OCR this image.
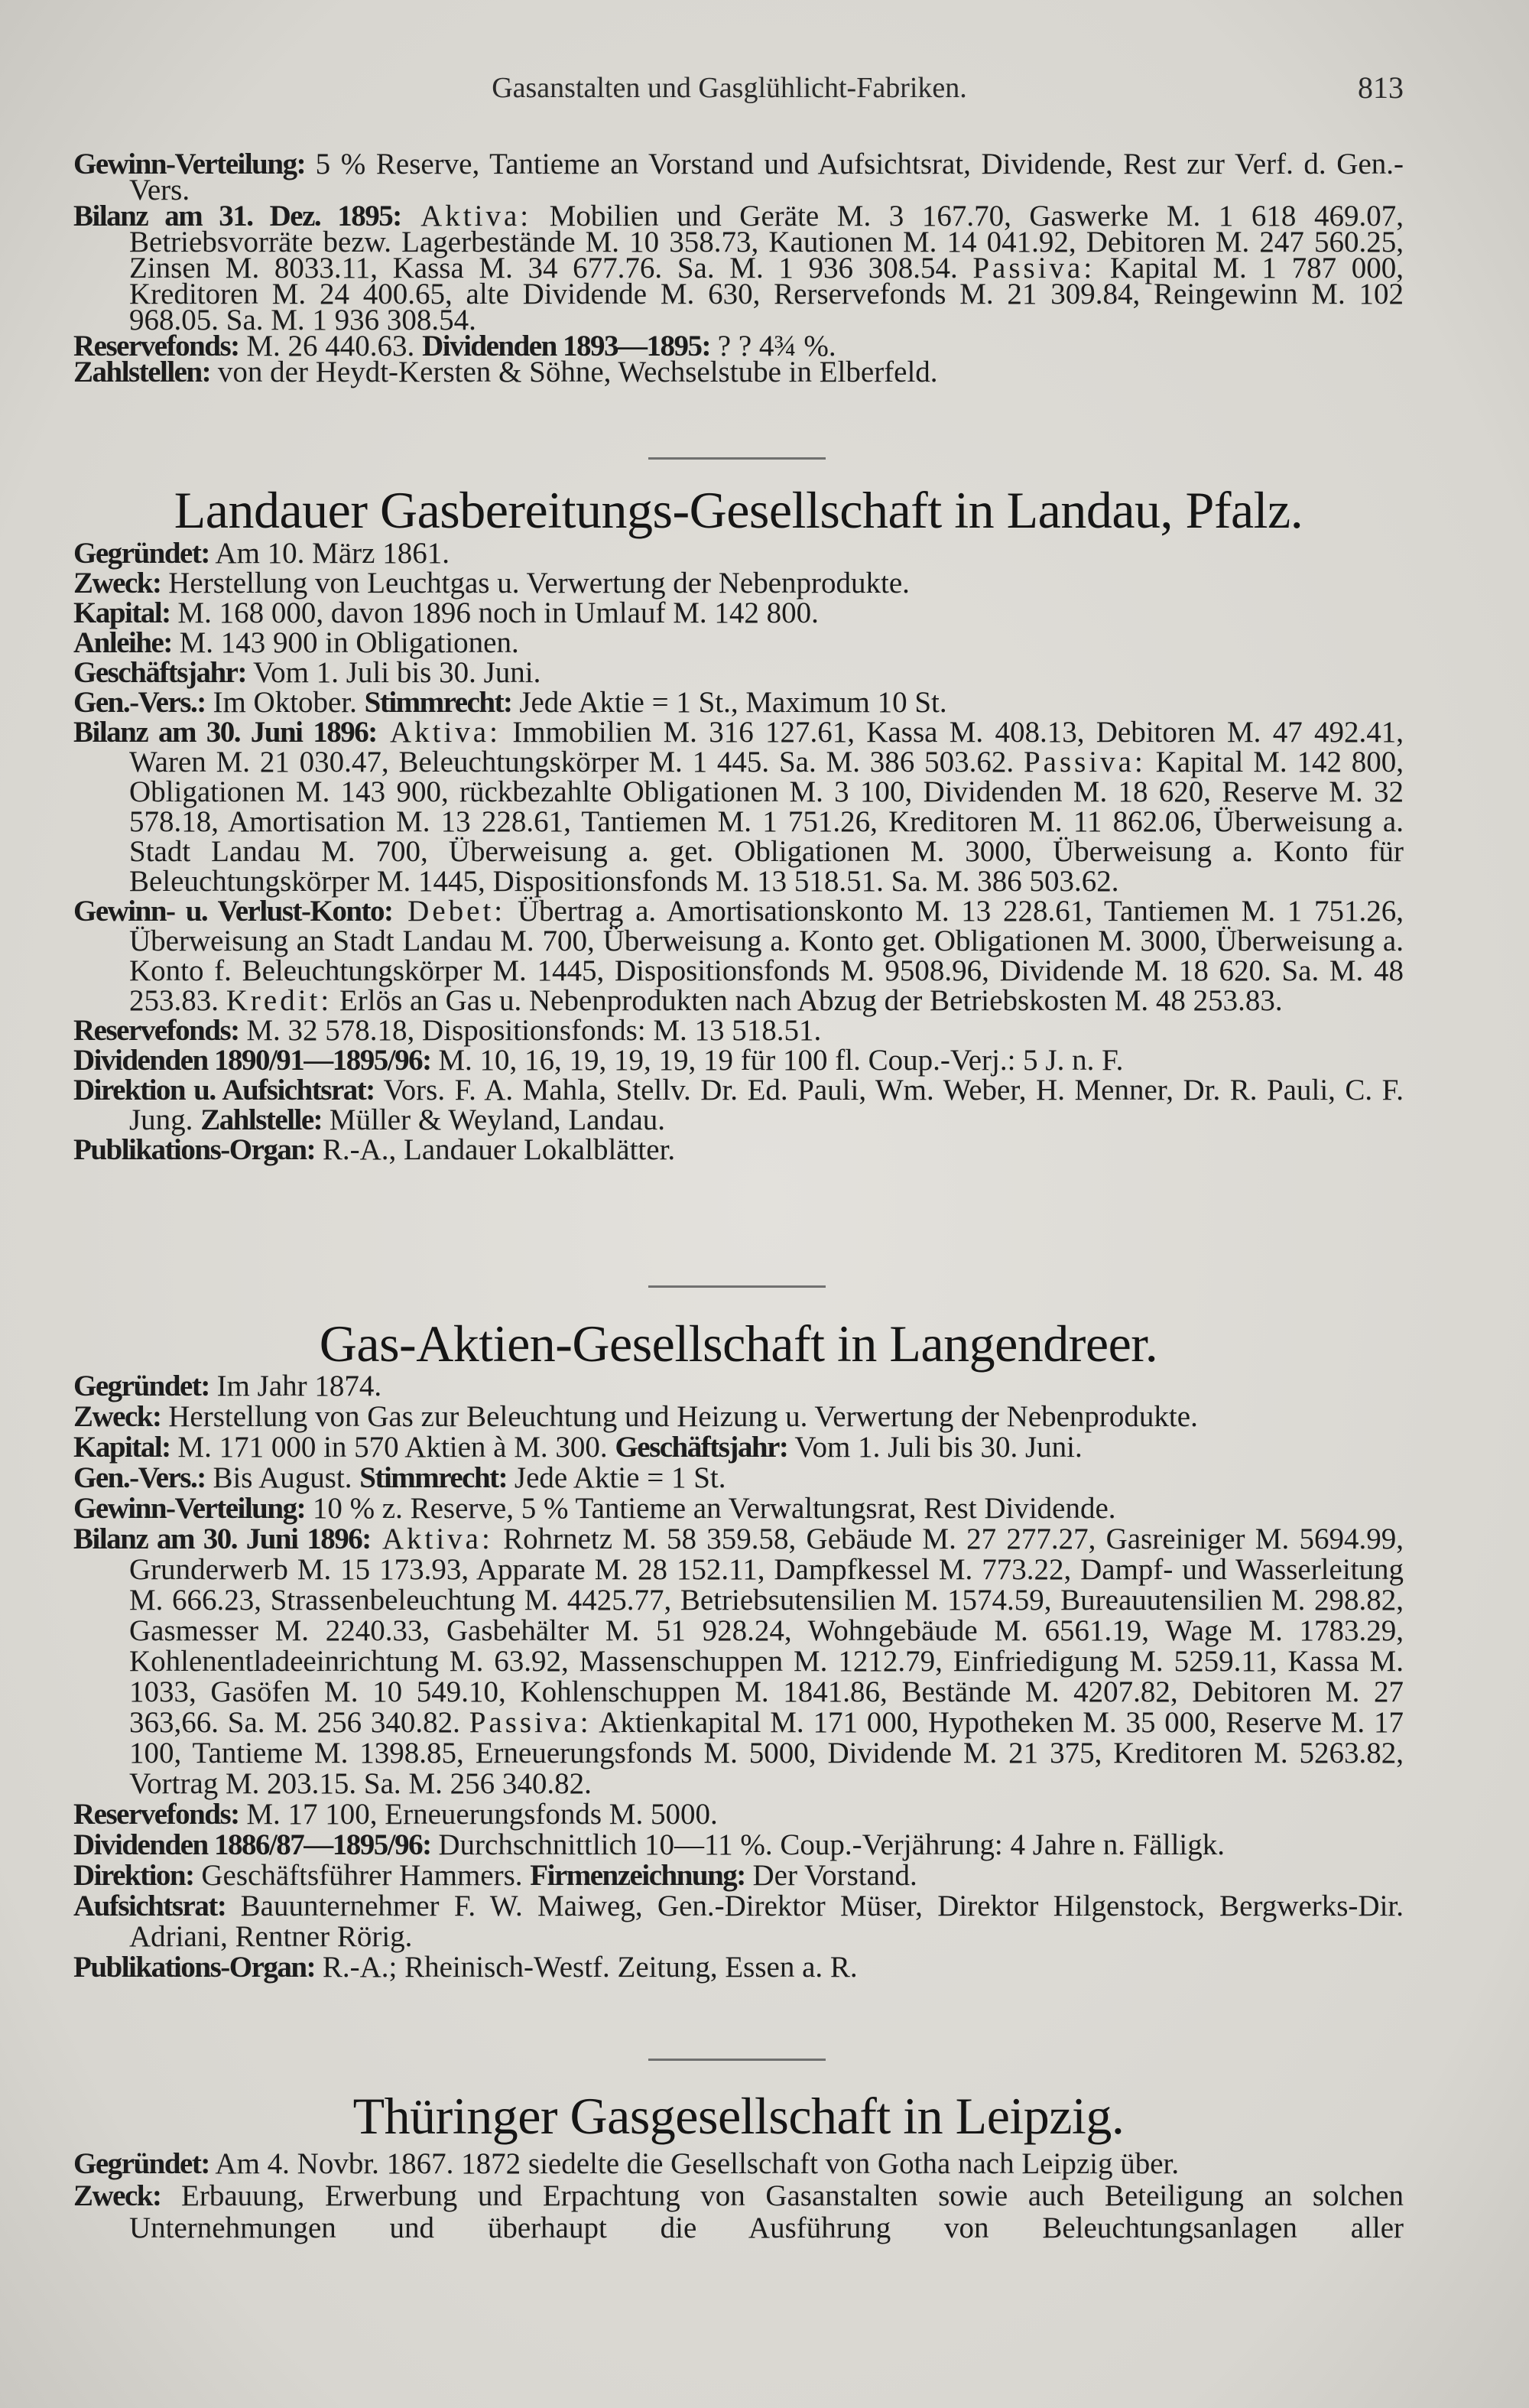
Gasanstalten und Gasglühlicht-Fabriken.	813

Gewinn-Verteilung: 5 % Reserve, Tantieme an Vorstand und Aufsichtsrat, Dividende, Rest zur Verf. d. Gen.-Vers.

Bilanz am 31. Dez. 1895: Aktiva: Mobilien und Geräte M. 3 167.70, Gaswerke M. 1 618 469.07, Betriebsvorräte bezw. Lagerbestände M. 10 358.73, Kautionen M. 14 041.92, Debitoren M. 247 560.25, Zinsen M. 8033.11, Kassa M. 34 677.76. Sa. M. 1 936 308.54. Passiva: Kapital M. 1 787 000, Kreditoren M. 24 400.65, alte Dividende M. 630, Rerservefonds M. 21 309.84, Reingewinn M. 102 968.05. Sa. M. 1 936 308.54.

Reservefonds: M. 26 440.63. Dividenden 1893—1895: ? ? 4¾ %.

Zahlstellen: von der Heydt-Kersten & Söhne, Wechselstube in Elberfeld.

Landauer Gasbereitungs-Gesellschaft in Landau, Pfalz.

Gegründet: Am 10. März 1861.

Zweck: Herstellung von Leuchtgas u. Verwertung der Nebenprodukte.

Kapital: M. 168 000, davon 1896 noch in Umlauf M. 142 800.

Anleihe: M. 143 900 in Obligationen.

Geschäftsjahr: Vom 1. Juli bis 30. Juni.

Gen.-Vers.: Im Oktober. Stimmrecht: Jede Aktie = 1 St., Maximum 10 St.

Bilanz am 30. Juni 1896: Aktiva: Immobilien M. 316 127.61, Kassa M. 408.13, Debitoren M. 47 492.41, Waren M. 21 030.47, Beleuchtungskörper M. 1 445. Sa. M. 386 503.62. Passiva: Kapital M. 142 800, Obligationen M. 143 900, rückbezahlte Obligationen M. 3 100, Dividenden M. 18 620, Reserve M. 32 578.18, Amortisation M. 13 228.61, Tantiemen M. 1 751.26, Kreditoren M. 11 862.06, Überweisung a. Stadt Landau M. 700, Überweisung a. get. Obligationen M. 3000, Überweisung a. Konto für Beleuchtungskörper M. 1445, Dispositionsfonds M. 13 518.51. Sa. M. 386 503.62.

Gewinn- u. Verlust-Konto: Debet: Übertrag a. Amortisationskonto M. 13 228.61, Tantiemen M. 1 751.26, Überweisung an Stadt Landau M. 700, Überweisung a. Konto get. Obligationen M. 3000, Überweisung a. Konto f. Beleuchtungskörper M. 1445, Dispositionsfonds M. 9508.96, Dividende M. 18 620. Sa. M. 48 253.83. Kredit: Erlös an Gas u. Nebenprodukten nach Abzug der Betriebskosten M. 48 253.83.

Reservefonds: M. 32 578.18, Dispositionsfonds: M. 13 518.51.

Dividenden 1890/91—1895/96: M. 10, 16, 19, 19, 19, 19 für 100 fl. Coup.-Verj.: 5 J. n. F.

Direktion u. Aufsichtsrat: Vors. F. A. Mahla, Stellv. Dr. Ed. Pauli, Wm. Weber, H. Menner, Dr. R. Pauli, C. F. Jung. Zahlstelle: Müller & Weyland, Landau.

Publikations-Organ: R.-A., Landauer Lokalblätter.

Gas-Aktien-Gesellschaft in Langendreer.

Gegründet: Im Jahr 1874.

Zweck: Herstellung von Gas zur Beleuchtung und Heizung u. Verwertung der Nebenprodukte.

Kapital: M. 171 000 in 570 Aktien à M. 300. Geschäftsjahr: Vom 1. Juli bis 30. Juni.

Gen.-Vers.: Bis August. Stimmrecht: Jede Aktie = 1 St.

Gewinn-Verteilung: 10 % z. Reserve, 5 % Tantieme an Verwaltungsrat, Rest Dividende.

Bilanz am 30. Juni 1896: Aktiva: Rohrnetz M. 58 359.58, Gebäude M. 27 277.27, Gasreiniger M. 5694.99, Grunderwerb M. 15 173.93, Apparate M. 28 152.11, Dampfkessel M. 773.22, Dampf- und Wasserleitung M. 666.23, Strassenbeleuchtung M. 4425.77, Betriebsutensilien M. 1574.59, Bureauutensilien M. 298.82, Gasmesser M. 2240.33, Gasbehälter M. 51 928.24, Wohngebäude M. 6561.19, Wage M. 1783.29, Kohlenentladeeinrichtung M. 63.92, Massenschuppen M. 1212.79, Einfriedigung M. 5259.11, Kassa M. 1033, Gasöfen M. 10 549.10, Kohlenschuppen M. 1841.86, Bestände M. 4207.82, Debitoren M. 27 363,66. Sa. M. 256 340.82. Passiva: Aktienkapital M. 171 000, Hypotheken M. 35 000, Reserve M. 17 100, Tantieme M. 1398.85, Erneuerungsfonds M. 5000, Dividende M. 21 375, Kreditoren M. 5263.82, Vortrag M. 203.15. Sa. M. 256 340.82.

Reservefonds: M. 17 100, Erneuerungsfonds M. 5000.

Dividenden 1886/87—1895/96: Durchschnittlich 10—11 %. Coup.-Verjährung: 4 Jahre n. Fälligk.

Direktion: Geschäftsführer Hammers. Firmenzeichnung: Der Vorstand.

Aufsichtsrat: Bauunternehmer F. W. Maiweg, Gen.-Direktor Müser, Direktor Hilgenstock, Bergwerks-Dir. Adriani, Rentner Rörig.

Publikations-Organ: R.-A.; Rheinisch-Westf. Zeitung, Essen a. R.

Thüringer Gasgesellschaft in Leipzig.

Gegründet: Am 4. Novbr. 1867. 1872 siedelte die Gesellschaft von Gotha nach Leipzig über.

Zweck: Erbauung, Erwerbung und Erpachtung von Gasanstalten sowie auch Beteiligung an solchen Unternehmungen und überhaupt die Ausführung von Beleuchtungsanlagen aller
